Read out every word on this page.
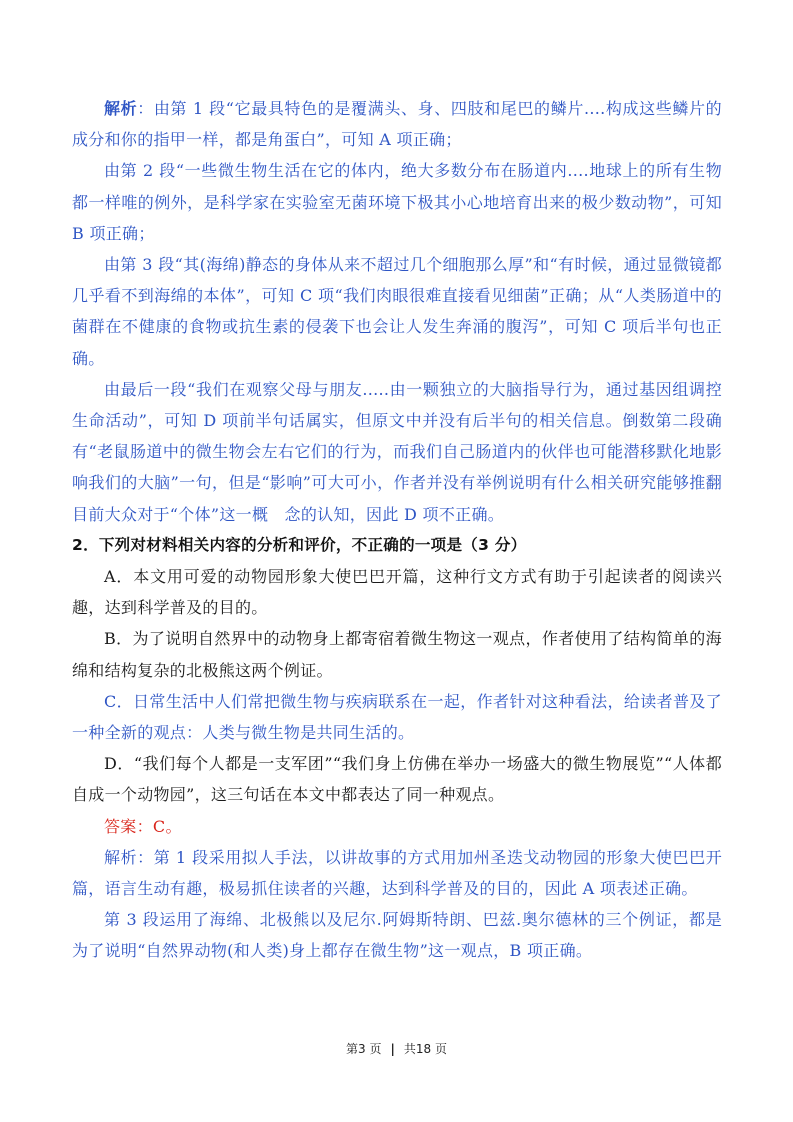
解析：由第 1 段“它最具特色的是覆满头、身、四肢和尾巴的鳞片....构成这些鳞片的成分和你的指甲一样，都是角蛋白”，可知 A 项正确；

由第 2 段“一些微生物生活在它的体内，绝大多数分布在肠道内....地球上的所有生物都一样唯的例外，是科学家在实验室无菌环境下极其小心地培育出来的极少数动物”，可知 B 项正确；

由第 3 段“其(海绵)静态的身体从来不超过几个细胞那么厚”和“有时候，通过显微镜都几乎看不到海绵的本体”，可知 C 项“我们肉眼很难直接看见细菌”正确；从“人类肠道中的菌群在不健康的食物或抗生素的侵袭下也会让人发生奔涌的腹泻”，可知 C 项后半句也正确。

由最后一段“我们在观察父母与朋友.....由一颗独立的大脑指导行为，通过基因组调控生命活动”，可知 D 项前半句话属实，但原文中并没有后半句的相关信息。倒数第二段确有“老鼠肠道中的微生物会左右它们的行为，而我们自己肠道内的伙伴也可能潜移默化地影响我们的大脑”一句，但是“影响”可大可小，作者并没有举例说明有什么相关研究能够推翻目前大众对于“个体”这一概　念的认知，因此 D 项不正确。

2．下列对材料相关内容的分析和评价，不正确的一项是（3 分）

A．本文用可爱的动物园形象大使巴巴开篇，这种行文方式有助于引起读者的阅读兴趣，达到科学普及的目的。

B．为了说明自然界中的动物身上都寄宿着微生物这一观点，作者使用了结构简单的海绵和结构复杂的北极熊这两个例证。

C．日常生活中人们常把微生物与疾病联系在一起，作者针对这种看法，给读者普及了一种全新的观点：人类与微生物是共同生活的。

D．“我们每个人都是一支军团”“我们身上仿佛在举办一场盛大的微生物展览”“人体都自成一个动物园”，这三句话在本文中都表达了同一种观点。

答案：C。

解析：第 1 段采用拟人手法，以讲故事的方式用加州圣迭戈动物园的形象大使巴巴开篇，语言生动有趣，极易抓住读者的兴趣，达到科学普及的目的，因此 A 项表述正确。

第 3 段运用了海绵、北极熊以及尼尔.阿姆斯特朗、巴兹.奥尔德林的三个例证，都是为了说明“自然界动物(和人类)身上都存在微生物”这一观点，B 项正确。

第3 页 | 共18 页
